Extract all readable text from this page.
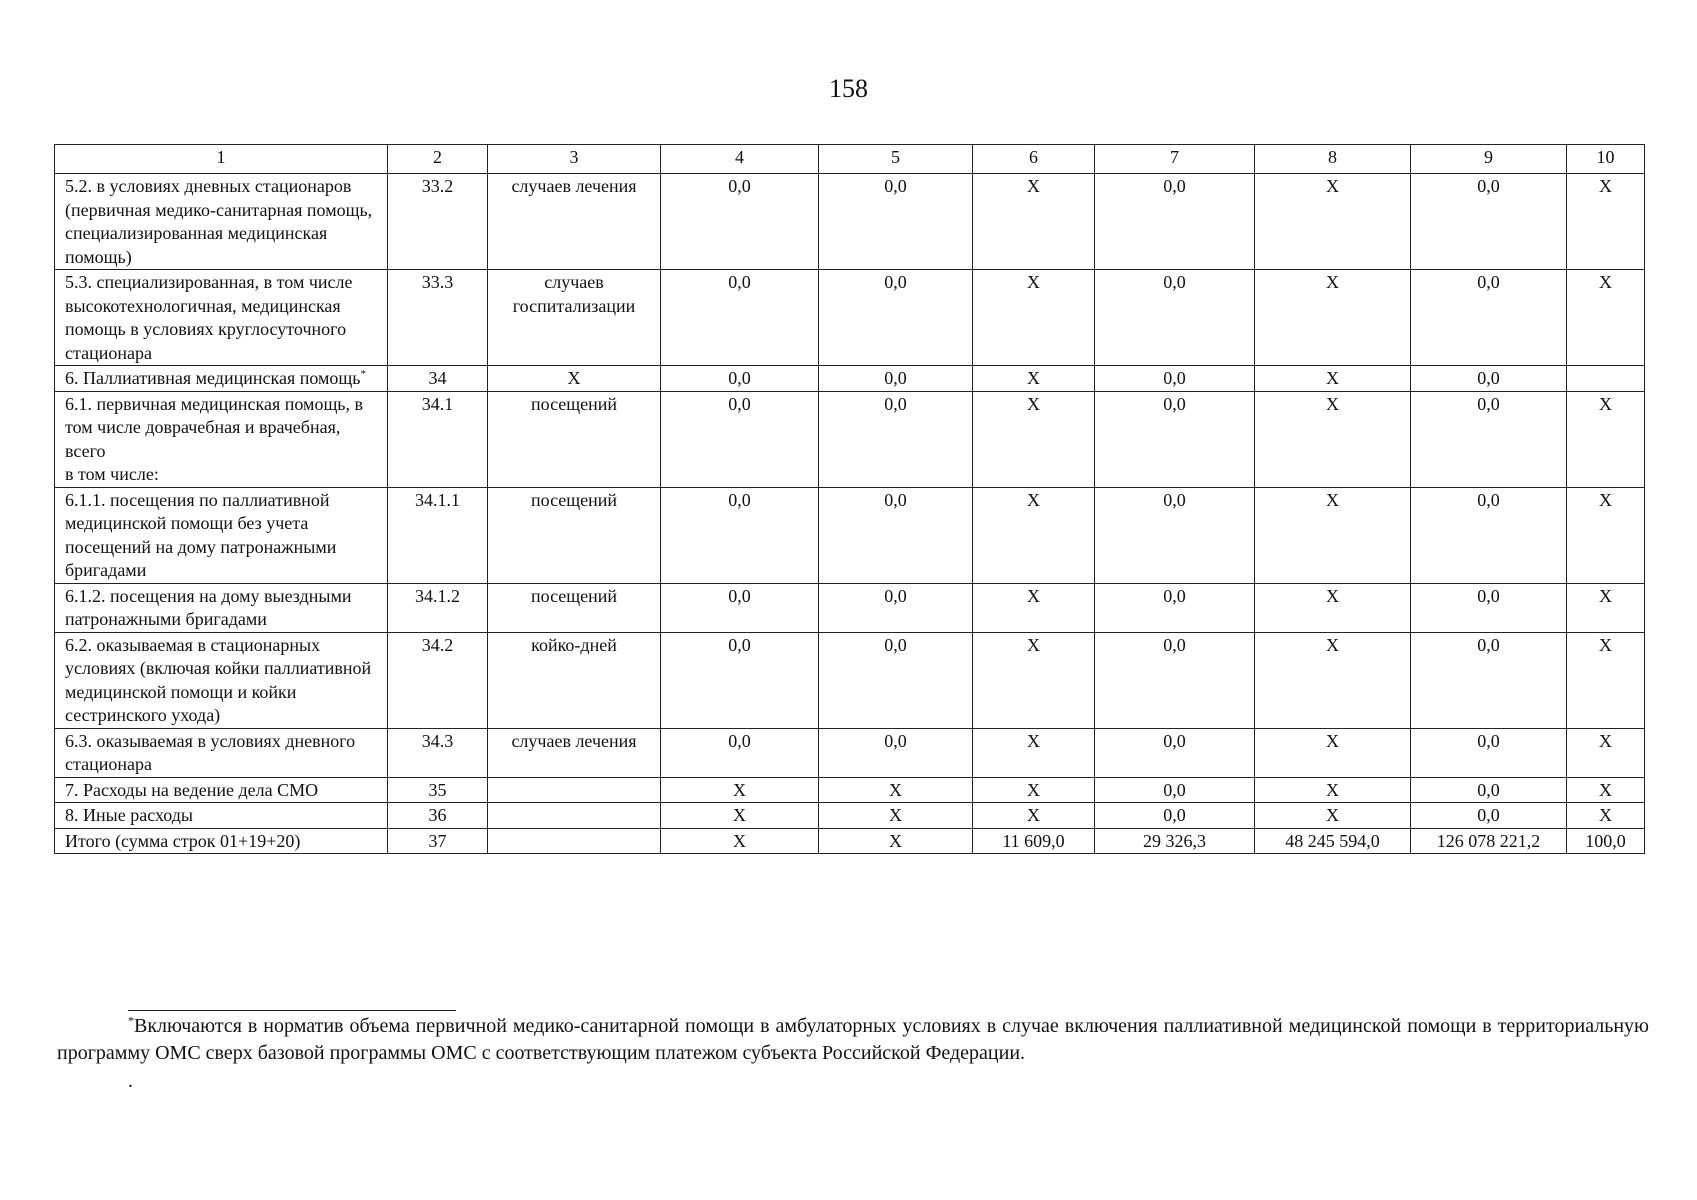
158
1	2	3	4	5	6	7	8	9	10
5.2. в условиях дневных стационаров (первичная медико-санитарная помощь, специализированная медицинская помощь)	33.2	случаев лечения	0,0	0,0	X	0,0	X	0,0	X
5.3. специализированная, в том числе высокотехнологичная, медицинская помощь в условиях круглосуточного стационара	33.3	случаев госпитализации	0,0	0,0	X	0,0	X	0,0	X
6. Паллиативная медицинская помощь*	34	X	0,0	0,0	X	0,0	X	0,0	
6.1. первичная медицинская помощь, в том числе доврачебная и врачебная, всего
в том числе:	34.1	посещений	0,0	0,0	X	0,0	X	0,0	X
6.1.1. посещения по паллиативной медицинской помощи без учета посещений на дому патронажными бригадами	34.1.1	посещений	0,0	0,0	X	0,0	X	0,0	X
6.1.2. посещения на дому выездными патронажными бригадами	34.1.2	посещений	0,0	0,0	X	0,0	X	0,0	X
6.2. оказываемая в стационарных условиях (включая койки паллиативной медицинской помощи и койки сестринского ухода)	34.2	койко-дней	0,0	0,0	X	0,0	X	0,0	X
6.3. оказываемая в условиях дневного стационара	34.3	случаев лечения	0,0	0,0	X	0,0	X	0,0	X
7. Расходы на ведение дела СМО	35		X	X	X	0,0	X	0,0	X
8. Иные расходы	36		X	X	X	0,0	X	0,0	X
Итого (сумма строк 01+19+20)	37		X	X	11 609,0	29 326,3	48 245 594,0	126 078 221,2	100,0
*Включаются в норматив объема первичной медико-санитарной помощи в амбулаторных условиях в случае включения паллиативной медицинской помощи в территориальную программу ОМС сверх базовой программы ОМС с соответствующим платежом субъекта Российской Федерации.
.
